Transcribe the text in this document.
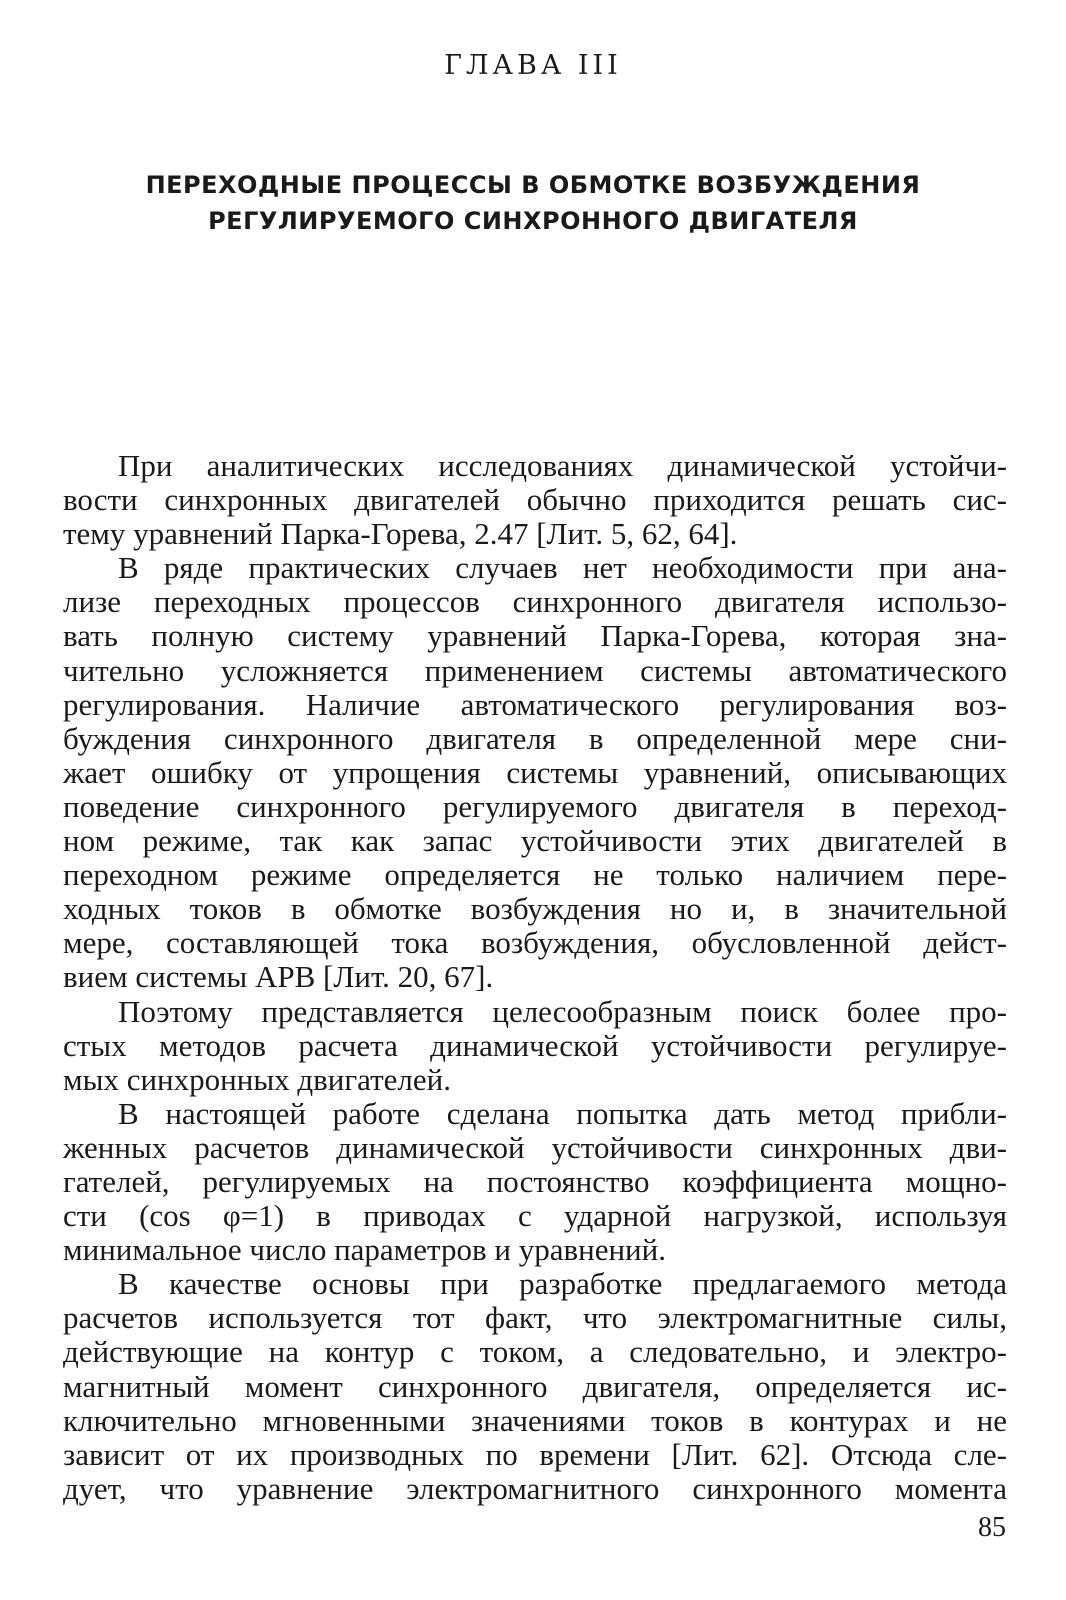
ГЛАВА III
ПЕРЕХОДНЫЕ ПРОЦЕССЫ В ОБМОТКЕ ВОЗБУЖДЕНИЯ
РЕГУЛИРУЕМОГО СИНХРОННОГО ДВИГАТЕЛЯ
При аналитических исследованиях динамической устойчи-
вости синхронных двигателей обычно приходится решать сис-
тему уравнений Парка-Горева, 2.47 [Лит. 5, 62, 64].
В ряде практических случаев нет необходимости при ана-
лизе переходных процессов синхронного двигателя использо-
вать полную систему уравнений Парка-Горева, которая зна-
чительно усложняется применением системы автоматического
регулирования. Наличие автоматического регулирования воз-
буждения синхронного двигателя в определенной мере сни-
жает ошибку от упрощения системы уравнений, описывающих
поведение синхронного регулируемого двигателя в переход-
ном режиме, так как запас устойчивости этих двигателей в
переходном режиме определяется не только наличием пере-
ходных токов в обмотке возбуждения но и, в значительной
мере, составляющей тока возбуждения, обусловленной дейст-
вием системы АРВ [Лит. 20, 67].
Поэтому представляется целесообразным поиск более про-
стых методов расчета динамической устойчивости регулируе-
мых синхронных двигателей.
В настоящей работе сделана попытка дать метод прибли-
женных расчетов динамической устойчивости синхронных дви-
гателей, регулируемых на постоянство коэффициента мощно-
сти (cos φ=1) в приводах с ударной нагрузкой, используя
минимальное число параметров и уравнений.
В качестве основы при разработке предлагаемого метода
расчетов используется тот факт, что электромагнитные силы,
действующие на контур с током, а следовательно, и электро-
магнитный момент синхронного двигателя, определяется ис-
ключительно мгновенными значениями токов в контурах и не
зависит от их производных по времени [Лит. 62]. Отсюда сле-
дует, что уравнение электромагнитного синхронного момента
85
